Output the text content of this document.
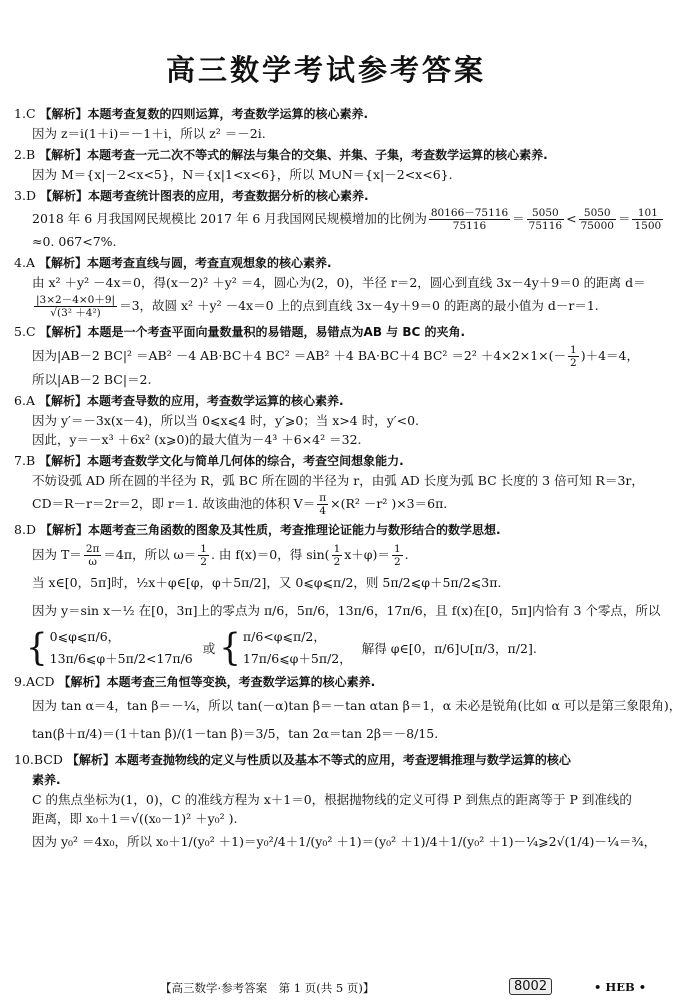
高三数学考试参考答案
1.C 【解析】本题考查复数的四则运算，考查数学运算的核心素养.
因为 z＝i(1＋i)＝－1＋i，所以 z² ＝－2i.
2.B 【解析】本题考查一元二次不等式的解法与集合的交集、并集、子集，考查数学运算的核心素养.
因为 M＝{x|－2<x<5}，N＝{x|1<x<6}，所以 M∪N＝{x|－2<x<6}.
3.D 【解析】本题考查统计图表的应用，考查数据分析的核心素养.
2018 年 6 月我国网民规模比 2017 年 6 月我国网民规模增加的比例为 $\frac{80166-75116}{75116} = \frac{5050}{75116} < \frac{5050}{75000} = \frac{101}{1500}$
≈0. 067<7%.
4.A 【解析】本题考查直线与圆，考查直观想象的核心素养.
由 x² ＋y² －4x＝0，得(x－2)² ＋y² ＝4，圆心为(2，0)，半径 r＝2，圆心到直线 3x－4y＋9＝0 的距离 d＝
$\frac{|3\times 2-4\times 0+9|}{\text{√(3² ＋4²)}} =3$，故圆 x² ＋y² －4x＝0 上的点到直线 3x－4y＋9＝0 的距离的最小值为 d－r＝1.
5.C 【解析】本题是一个考查平面向量数量积的易错题，易错点为AB 与 BC 的夹角.
因为|AB－2 BC|² ＝AB² －4 AB·BC＋4 BC² ＝AB² ＋4 BA·BC＋4 $BC^2 =2^2 +4\times 2\times 1\times(- \frac{1}{2} )+4=4$，
所以|AB－2 BC|＝2.
6.A 【解析】本题考查导数的应用，考查数学运算的核心素养.
因为 y′＝－3x(x－4)，所以当 0⩽x⩽4 时，y′⩾0；当 x>4 时，y′<0.
因此，y＝－x³ ＋6x² (x⩾0)的最大值为－4³ ＋6×4² ＝32.
7.B 【解析】本题考查数学文化与简单几何体的综合，考查空间想象能力.
不妨设弧 AD 所在圆的半径为 R，弧 BC 所在圆的半径为 r，由弧 AD 长度为弧 BC 长度的 3 倍可知 R＝3r，
CD＝R－r＝2r＝2，即 r＝1. 故该曲池的体积 $V= \frac{\pi}{4} \times(R^2 -r^2$ )×3＝6π.
8.D 【解析】本题考查三角函数的图象及其性质，考查推理论证能力与数形结合的数学思想.
因为 $T= \frac{2\pi}{\omega} =4\pi$，所以 $\omega= \frac{1}{2}$ . 由 f(x)＝0，得 $\sin( \frac{1}{2} x+\varphi)= \frac{1}{2}$ .
当 x∈[0，5π]时，½x＋φ∈[φ，φ＋5π/2]，又 0⩽φ⩽π/2，则 5π/2⩽φ＋5π/2⩽3π.
因为 y＝sin x－½ 在[0，3π]上的零点为 π/6，5π/6，13π/6，17π/6，且 f(x)在[0，5π]内恰有 3 个零点，所以
{ 0⩽φ⩽π/6，
13π/6⩽φ＋5π/2<17π/6
或 { π/6<φ⩽π/2，
17π/6⩽φ＋5π/2，
解得 φ∈[0，π/6]∪[π/3，π/2].
9.ACD 【解析】本题考查三角恒等变换，考查数学运算的核心素养.
因为 tan α＝4，tan β＝－¼，所以 tan(－α)tan β＝－tan αtan β＝1，α 未必是锐角(比如 α 可以是第三象限角)，
tan(β＋π/4)＝(1＋tan β)/(1－tan β)＝3/5，tan 2α＝tan 2β＝－8/15.
10.BCD 【解析】本题考查抛物线的定义与性质以及基本不等式的应用，考查逻辑推理与数学运算的核心
素养.
C 的焦点坐标为(1，0)，C 的准线方程为 x＋1＝0，根据抛物线的定义可得 P 到焦点的距离等于 P 到准线的
距离，即 x₀＋1＝√((x₀－1)² ＋y₀² ).
因为 y₀² ＝4x₀，所以 x₀＋1/(y₀² ＋1)＝y₀²/4＋1/(y₀² ＋1)＝(y₀² ＋1)/4＋1/(y₀² ＋1)－¼⩾2√(1/4)－¼＝¾，
【高三数学·参考答案　第 1 页(共 5 页)】	8002	• HEB •
